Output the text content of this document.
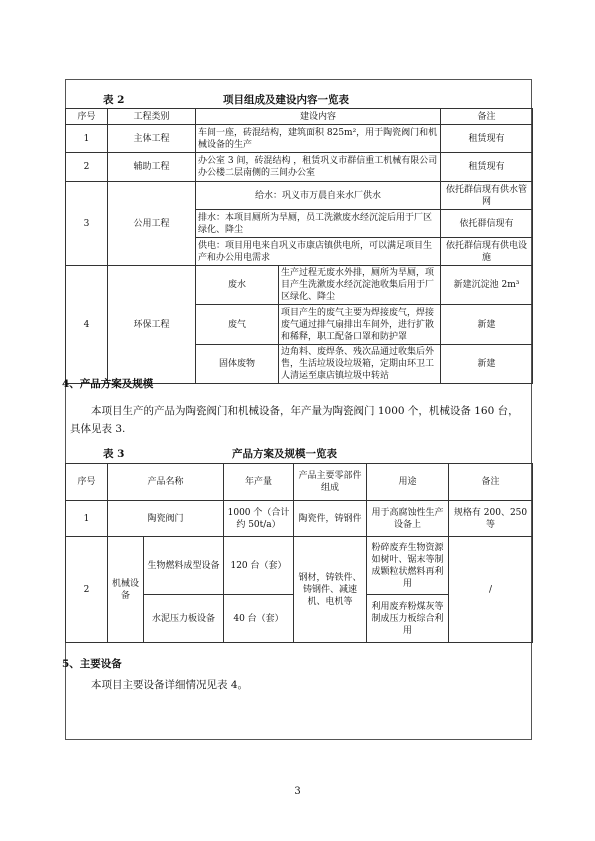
表 2	项目组成及建设内容一览表
序号	工程类别	建设内容		备注
1	主体工程	车间一座，砖混结构，建筑面积 825m²，用于陶瓷阀门和机械设备的生产		租赁现有
2	辅助工程	办公室 3 间，砖混结构 ，租赁巩义市群信重工机械有限公司办公楼二层南侧的三间办公室		租赁现有
3	公用工程	给水：巩义市万晨自来水厂供水		依托群信现有供水管网
		排水：本项目厕所为旱厕，员工洗漱废水经沉淀后用于厂区绿化、降尘		依托群信现有
		供电：项目用电来自巩义市康店镇供电所，可以满足项目生产和办公用电需求		依托群信现有供电设施
4	环保工程	废水	生产过程无废水外排，厕所为旱厕，项目产生洗漱废水经沉淀池收集后用于厂区绿化、降尘	新建沉淀池 2m³
		废气	项目产生的废气主要为焊接废气，焊接废气通过排气扇排出车间外，进行扩散和稀释，职工配备口罩和防护罩	新建
		固体废物	边角料、废焊条、残次品通过收集后外售，生活垃圾设垃圾箱，定期由环卫工人清运至康店镇垃圾中转站	新建
4、产品方案及规模
本项目生产的产品为陶瓷阀门和机械设备，年产量为陶瓷阀门 1000 个，机械设备 160 台，具体见表 3.
表 3	产品方案及规模一览表
序号	产品名称		年产量	产品主要零部件组成	用途	备注
1	陶瓷阀门		1000 个（合计约 50t/a）	陶瓷件，铸钢件	用于高腐蚀性生产设备上	规格有 200、250 等
2	机械设备	生物燃料成型设备	120 台（套）	钢材，铸铁件、铸钢件、减速机、电机等	粉碎废弃生物资源如树叶、锯末等制成颗粒状燃料再利用	/
		水泥压力板设备	40 台（套）		利用废弃粉煤灰等制成压力板综合利用	
5、主要设备
本项目主要设备详细情况见表 4。
3
